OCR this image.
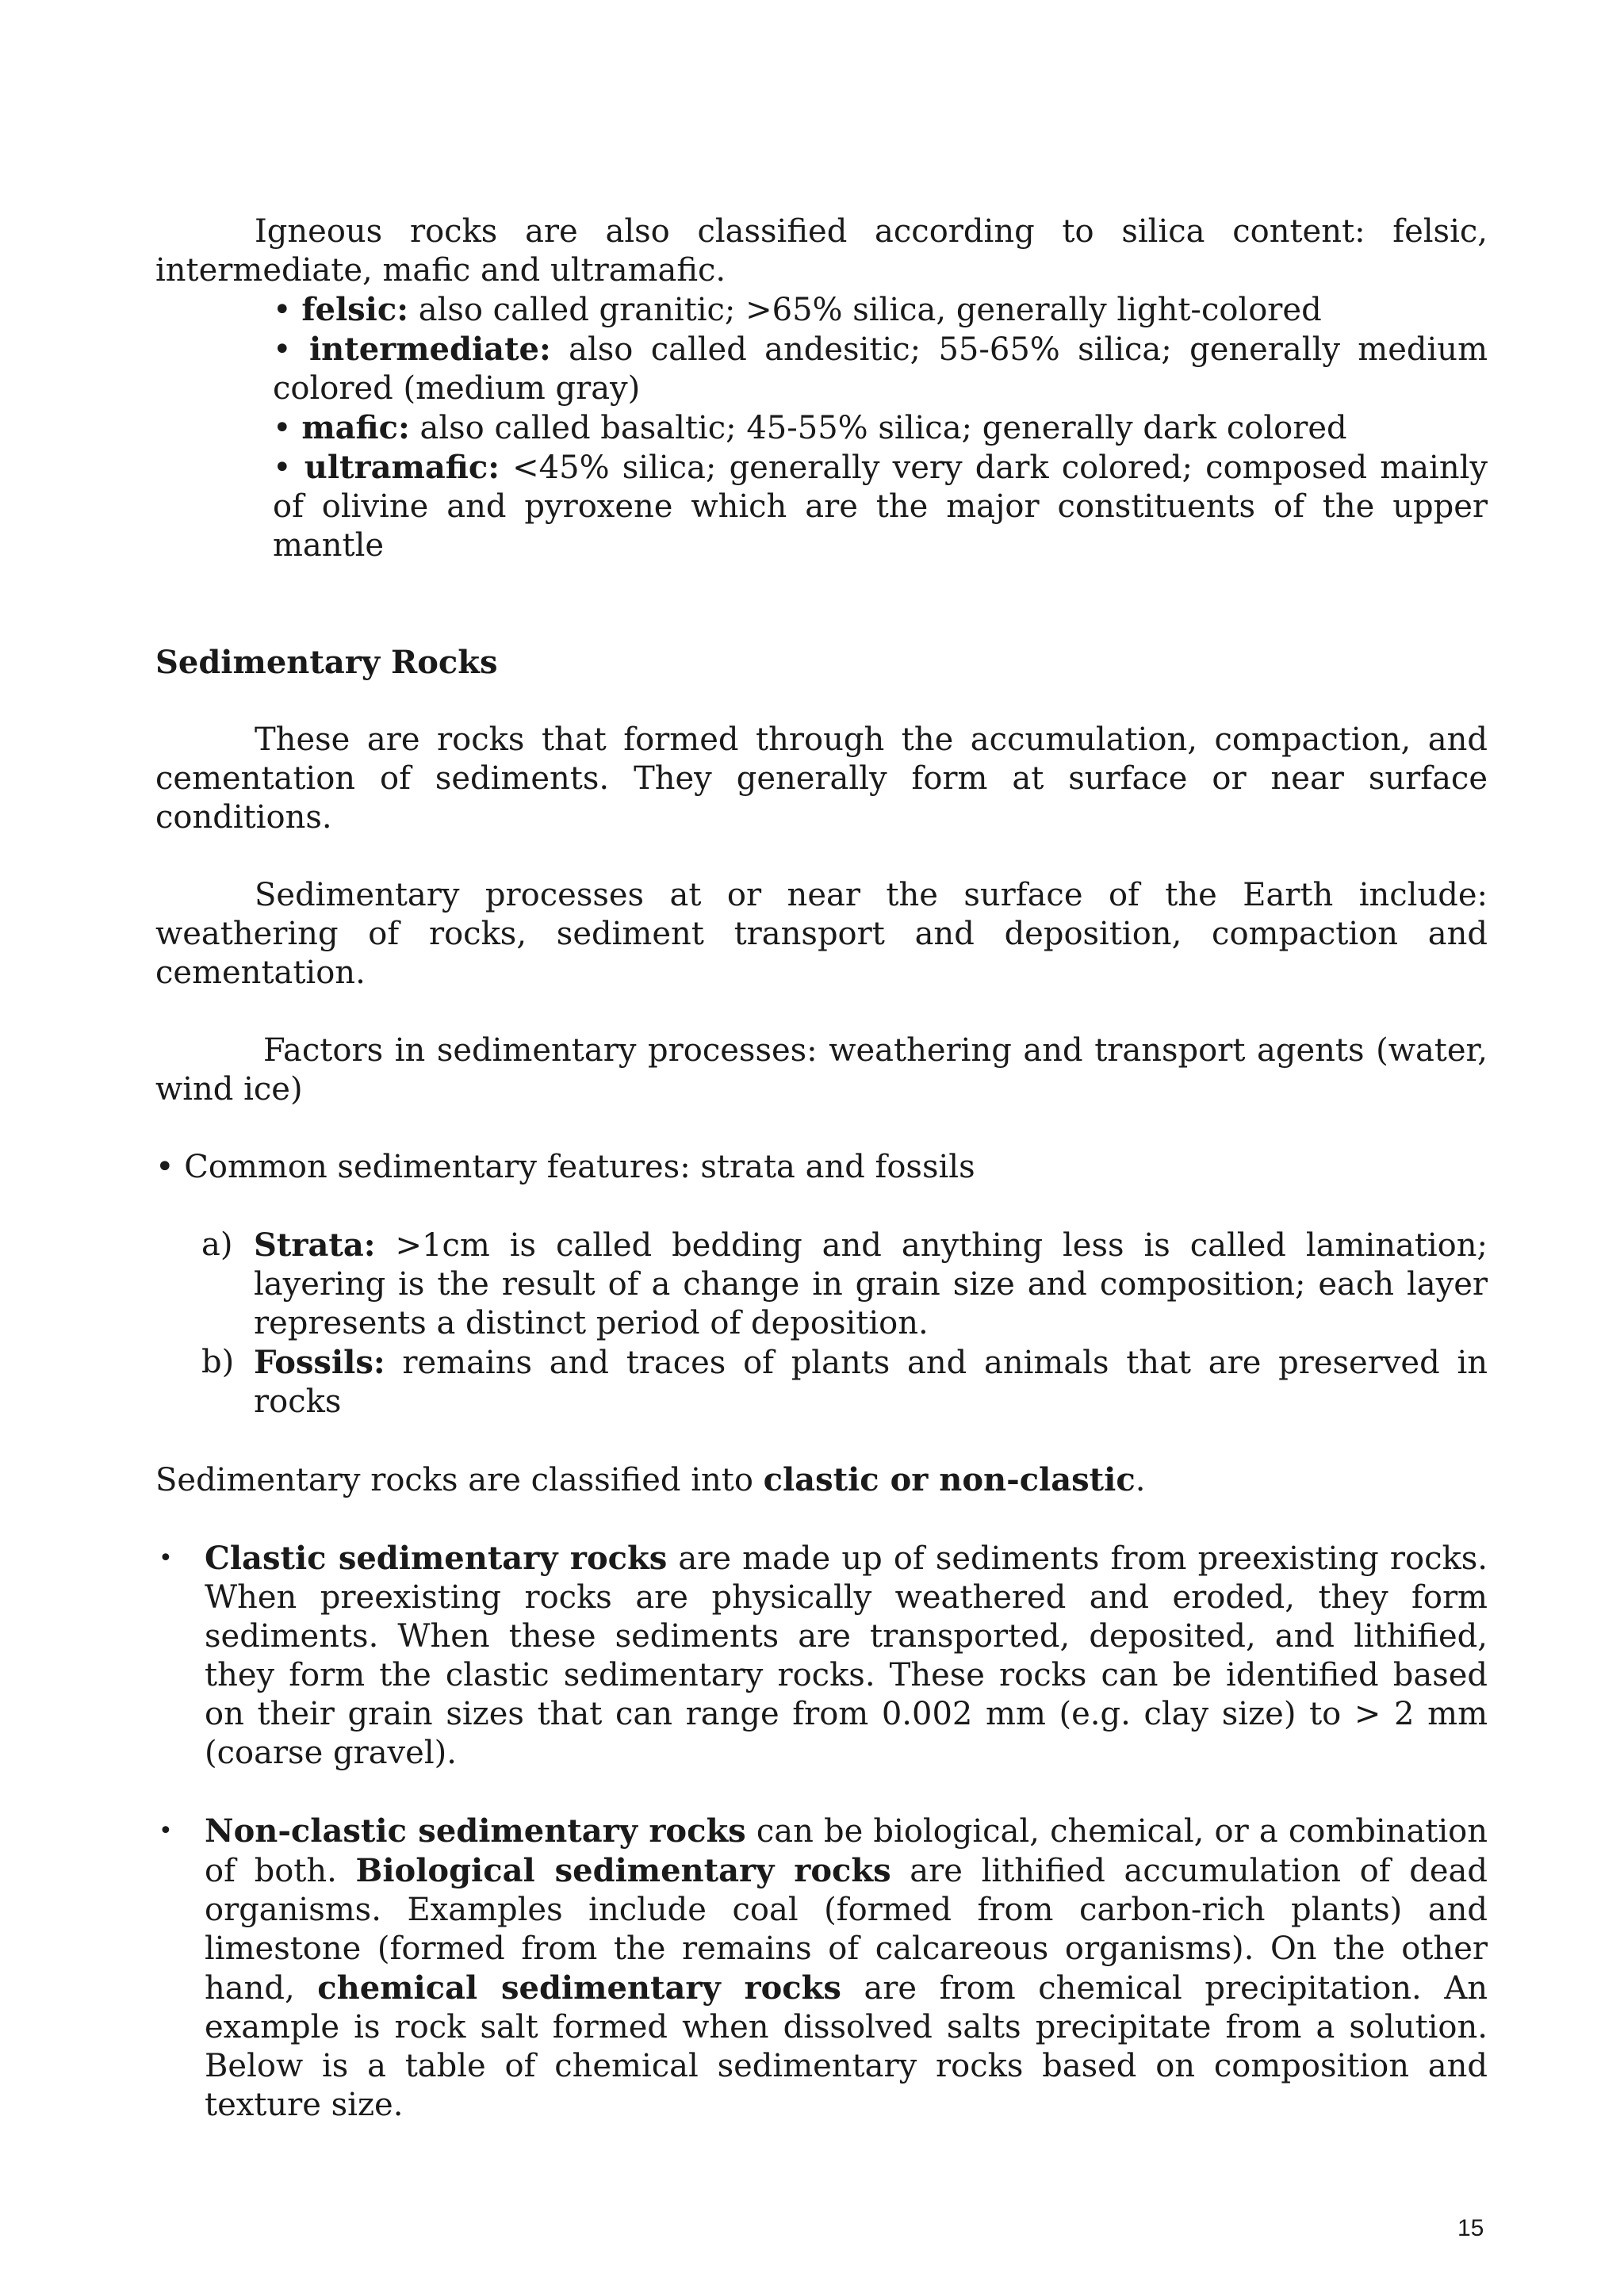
Igneous rocks are also classified according to silica content: felsic, intermediate, mafic and ultramafic.

• felsic: also called granitic; >65% silica, generally light-colored
• intermediate: also called andesitic; 55-65% silica; generally medium colored (medium gray)
• mafic: also called basaltic; 45-55% silica; generally dark colored
• ultramafic: <45% silica; generally very dark colored; composed mainly of olivine and pyroxene which are the major constituents of the upper mantle

Sedimentary Rocks

These are rocks that formed through the accumulation, compaction, and cementation of sediments. They generally form at surface or near surface conditions.

Sedimentary processes at or near the surface of the Earth include: weathering of rocks, sediment transport and deposition, compaction and cementation.

Factors in sedimentary processes: weathering and transport agents (water, wind ice)

• Common sedimentary features: strata and fossils

a) Strata: >1cm is called bedding and anything less is called lamination; layering is the result of a change in grain size and composition; each layer represents a distinct period of deposition.
b) Fossils: remains and traces of plants and animals that are preserved in rocks

Sedimentary rocks are classified into clastic or non-clastic.

• Clastic sedimentary rocks are made up of sediments from preexisting rocks. When preexisting rocks are physically weathered and eroded, they form sediments. When these sediments are transported, deposited, and lithified, they form the clastic sedimentary rocks. These rocks can be identified based on their grain sizes that can range from 0.002 mm (e.g. clay size) to > 2 mm (coarse gravel).
• Non-clastic sedimentary rocks can be biological, chemical, or a combination of both. Biological sedimentary rocks are lithified accumulation of dead organisms. Examples include coal (formed from carbon-rich plants) and limestone (formed from the remains of calcareous organisms). On the other hand, chemical sedimentary rocks are from chemical precipitation. An example is rock salt formed when dissolved salts precipitate from a solution. Below is a table of chemical sedimentary rocks based on composition and texture size.
15
